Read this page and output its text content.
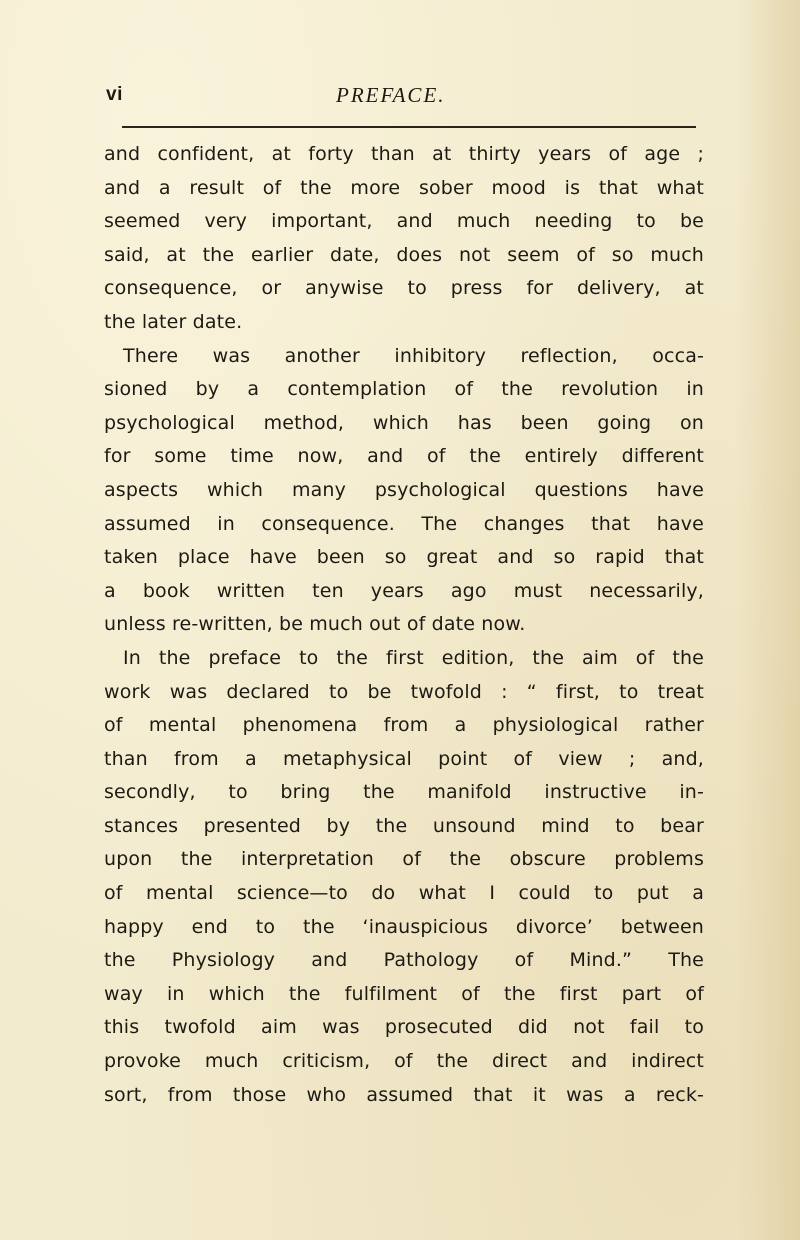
vi	PREFACE.
and confident, at forty than at thirty years of age ;
and a result of the more sober mood is that what
seemed very important, and much needing to be
said, at the earlier date, does not seem of so much
consequence, or anywise to press for delivery, at
the later date.
There was another inhibitory reflection, occa-
sioned by a contemplation of the revolution in
psychological method, which has been going on
for some time now, and of the entirely different
aspects which many psychological questions have
assumed in consequence. The changes that have
taken place have been so great and so rapid that
a book written ten years ago must necessarily,
unless re-written, be much out of date now.
In the preface to the first edition, the aim of the
work was declared to be twofold : “ first, to treat
of mental phenomena from a physiological rather
than from a metaphysical point of view ; and,
secondly, to bring the manifold instructive in-
stances presented by the unsound mind to bear
upon the interpretation of the obscure problems
of mental science—to do what I could to put a
happy end to the ‘inauspicious divorce’ between
the Physiology and Pathology of Mind.” The
way in which the fulfilment of the first part of
this twofold aim was prosecuted did not fail to
provoke much criticism, of the direct and indirect
sort, from those who assumed that it was a reck-
